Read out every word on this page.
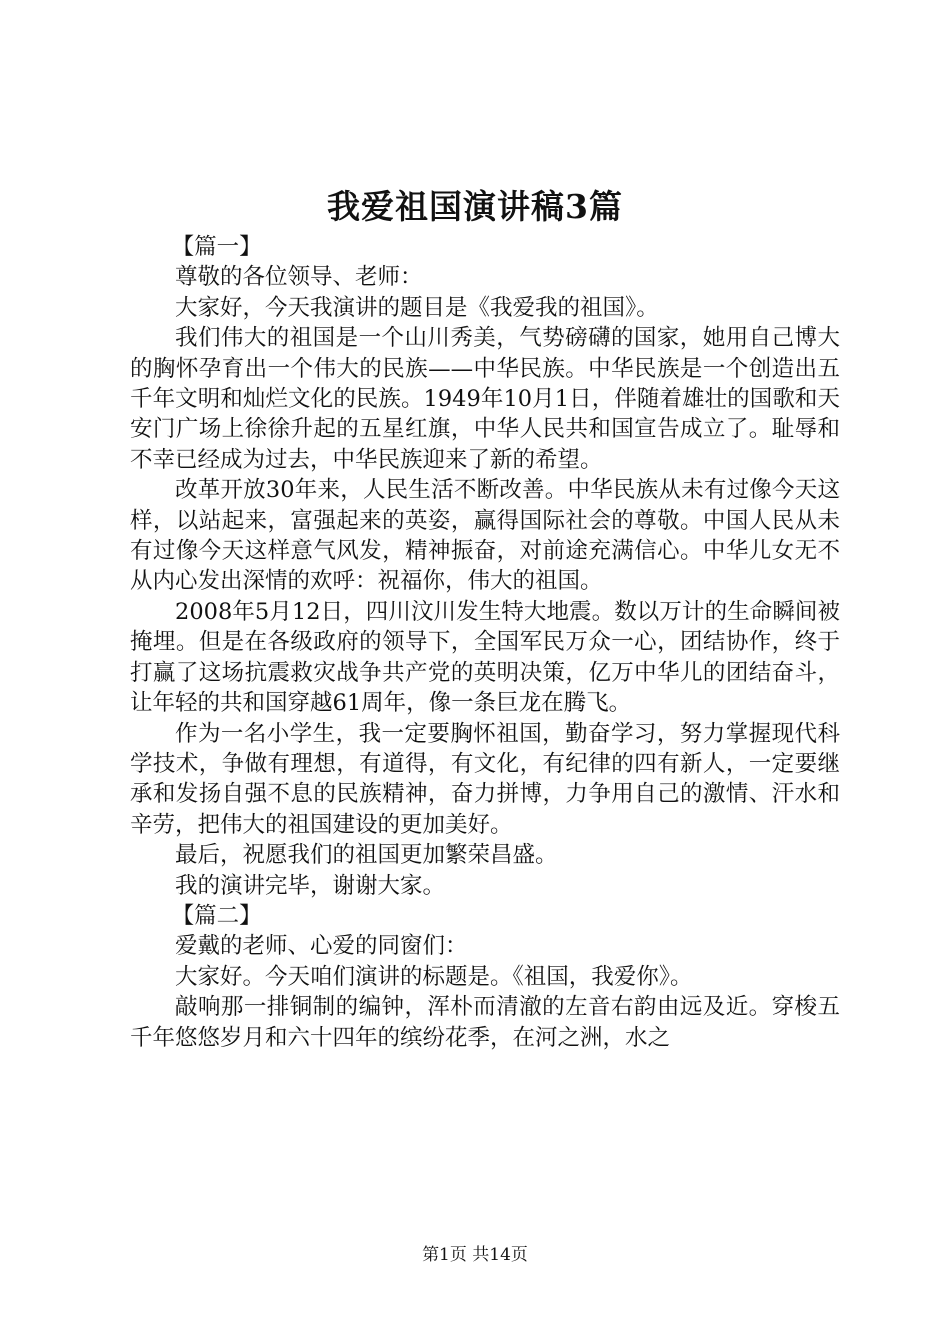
我爱祖国演讲稿3篇

【篇一】

尊敬的各位领导、老师：

大家好，今天我演讲的题目是《我爱我的祖国》。

我们伟大的祖国是一个山川秀美，气势磅礴的国家，她用自己博大的胸怀孕育出一个伟大的民族——中华民族。中华民族是一个创造出五千年文明和灿烂文化的民族。1949年10月1日，伴随着雄壮的国歌和天安门广场上徐徐升起的五星红旗，中华人民共和国宣告成立了。耻辱和不幸已经成为过去，中华民族迎来了新的希望。

改革开放30年来，人民生活不断改善。中华民族从未有过像今天这样，以站起来，富强起来的英姿，赢得国际社会的尊敬。中国人民从未有过像今天这样意气风发，精神振奋，对前途充满信心。中华儿女无不从内心发出深情的欢呼：祝福你，伟大的祖国。

2008年5月12日，四川汶川发生特大地震。数以万计的生命瞬间被掩埋。但是在各级政府的领导下，全国军民万众一心，团结协作，终于打赢了这场抗震救灾战争共产党的英明决策，亿万中华儿的团结奋斗，让年轻的共和国穿越61周年，像一条巨龙在腾飞。

作为一名小学生，我一定要胸怀祖国，勤奋学习，努力掌握现代科学技术，争做有理想，有道得，有文化，有纪律的四有新人，一定要继承和发扬自强不息的民族精神，奋力拼博，力争用自己的激情、汗水和辛劳，把伟大的祖国建设的更加美好。

最后，祝愿我们的祖国更加繁荣昌盛。

我的演讲完毕，谢谢大家。

【篇二】

爱戴的老师、心爱的同窗们：

大家好。今天咱们演讲的标题是。《祖国，我爱你》。

敲响那一排铜制的编钟，浑朴而清澈的左音右韵由远及近。穿梭五千年悠悠岁月和六十四年的缤纷花季，在河之洲，水之

第1页 共14页
